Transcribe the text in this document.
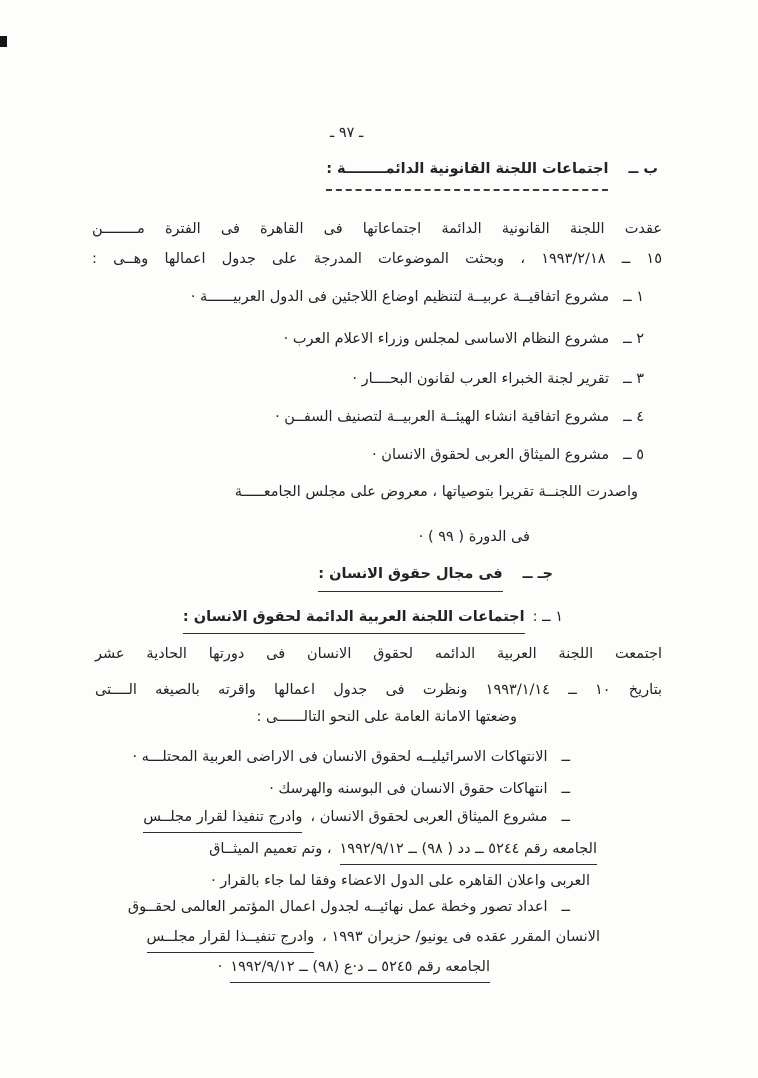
ـ ٩٧ ـ
ب ــ
اجتماعات اللجنة القانونية الدائمــــــــة :
عقدت اللجنة القانونية الدائمة اجتماعاتها فى القاهرة فى الفترة مــــــــن
١٥ ــ ١٩٩٣/٢/١٨ ، وبحثت الموضوعات المدرجة على جدول اعمالها وهــى :
١ ــ
مشروع اتفاقيــة عربيــة لتنظيم اوضاع اللاجئين فى الدول العربيــــــة ·
٢ ــ
مشروع النظام الاساسى لمجلس وزراء الاعلام العرب ·
٣ ــ
تقرير لجنة الخبراء العرب لقانون البحــــار ·
٤ ــ
مشروع اتفاقية انشاء الهيئــة العربيــة لتصنيف السفــن ·
٥ ــ
مشروع الميثاق العربى لحقوق الانسان ·
واصدرت اللجنــة تقريرا بتوصياتها ، معروض على مجلس الجامعـــــة
فى الدورة ( ٩٩ ) ·
جـ ــ
فى مجال حقوق الانسان :
١ ــ :
اجتماعات اللجنة العربية الدائمة لحقوق الانسان :
اجتمعت اللجنة العربية الدائمه لحقوق الانسان فى دورتها الحادية عشر
بتاريخ ١٠ ــ ١٩٩٣/١/١٤ ونظرت فى جدول اعمالها واقرته بالصيغه الــــتى
وضعتها الامانة العامة على النحو التالــــــى :
ــ
الانتهاكات الاسرائيليــه لحقوق الانسان فى الاراضى العربية المحتلـــه ·
ــ
انتهاكات حقوق الانسان فى البوسنه والهرسك ·
ــ
مشروع الميثاق العربى لحقوق الانسان ،
وادرج تنفيذا لقرار مجلــس
الجامعه رقم ٥٢٤٤ ــ دد ( ٩٨) ــ ١٩٩٢/٩/١٢
، وتم تعميم الميثــاق
العربى واعلان القاهره على الدول الاعضاء وفقا لما جاء بالقرار ·
ــ
اعداد تصور وخطة عمل نهائيــه لجدول اعمال المؤتمر العالمى لحقــوق
الانسان المقرر عقده فى يونيو/ حزيران ١٩٩٣ ،
وادرج تنفيــذا لقرار مجلــس
الجامعه رقم ٥٢٤٥ ــ د·ع (٩٨) ــ ١٩٩٢/٩/١٢
·
